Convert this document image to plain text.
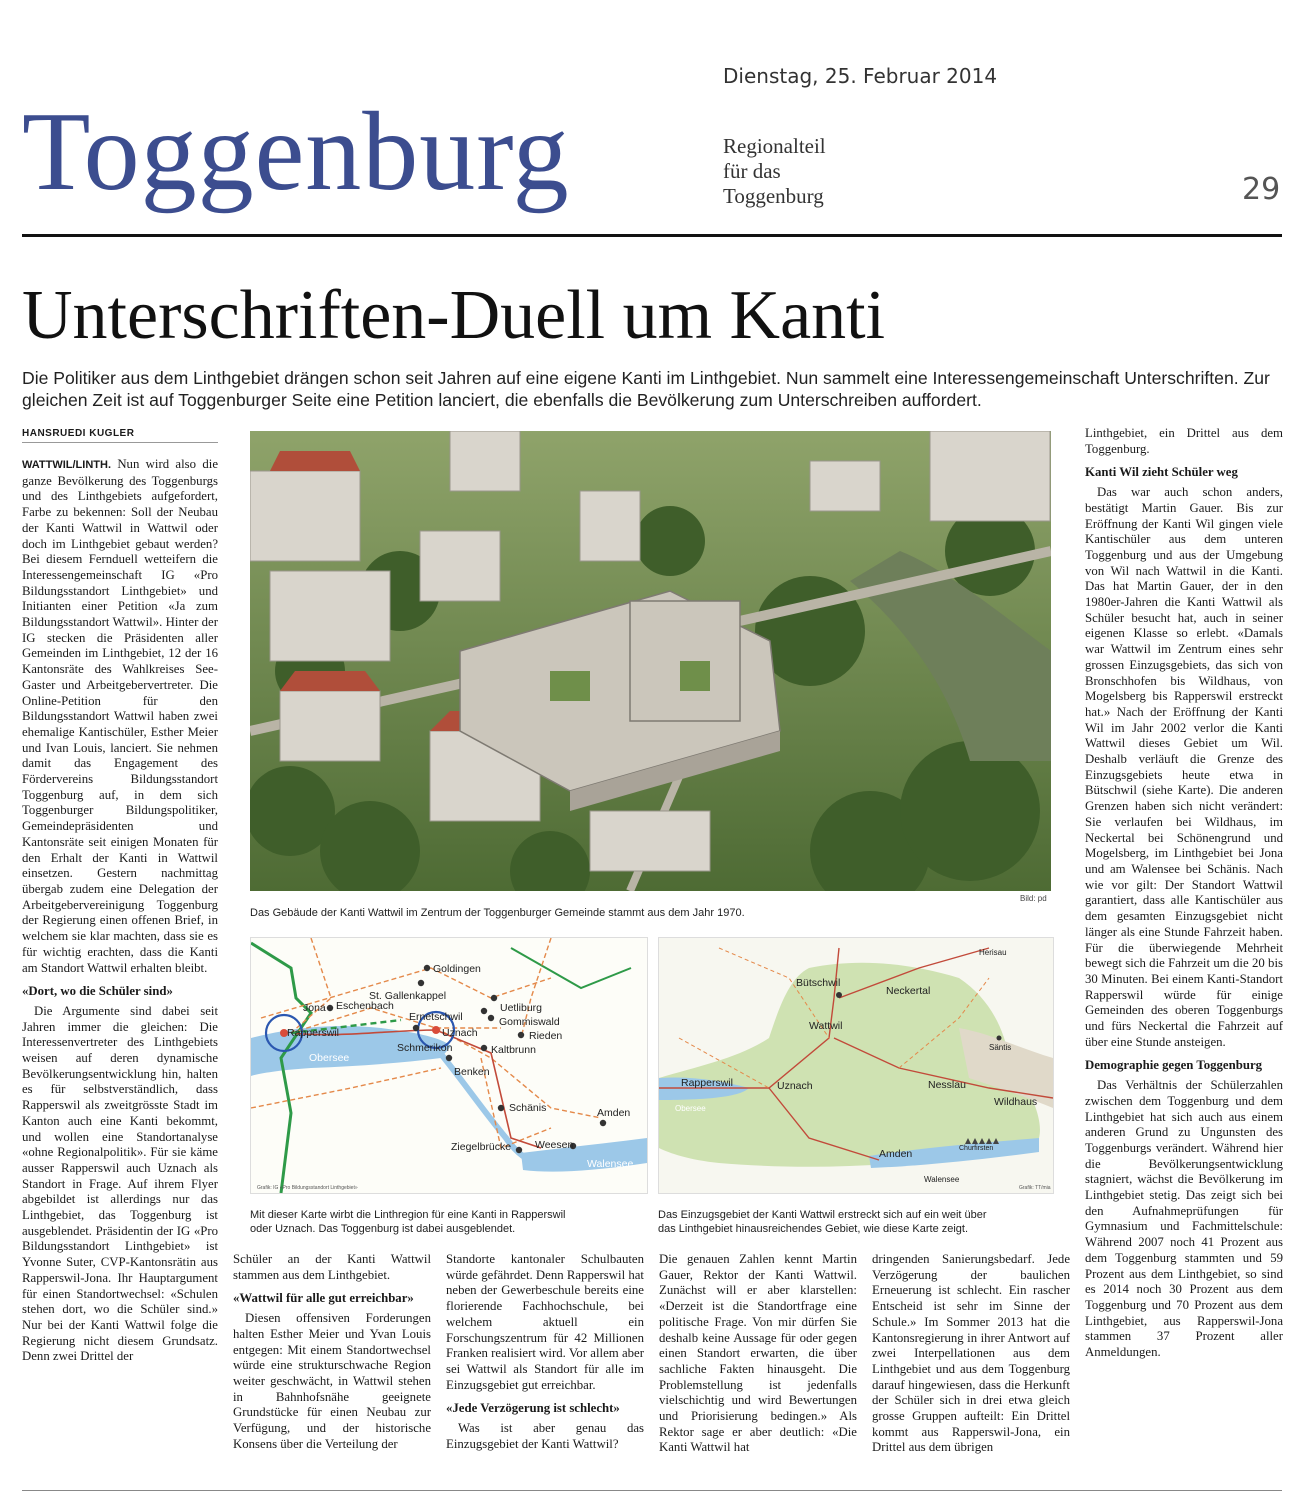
Dienstag, 25. Februar 2014
Toggenburg	Regionalteil
für das
Toggenburg	29
Unterschriften-Duell um Kanti
Die Politiker aus dem Linthgebiet drängen schon seit Jahren auf eine eigene Kanti im Linthgebiet. Nun sammelt eine Interessengemeinschaft Unterschriften. Zur gleichen Zeit ist auf Toggenburger Seite eine Petition lanciert, die ebenfalls die Bevölkerung zum Unterschreiben auffordert.
HANSRUEDI KUGLER

WATTWIL/LINTH. Nun wird also die ganze Bevölkerung des Toggenburgs und des Linthgebiets aufgefordert, Farbe zu bekennen: Soll der Neubau der Kanti Wattwil in Wattwil oder doch im Linthgebiet gebaut werden? Bei diesem Fernduell wetteifern die Interessengemeinschaft IG «Pro Bildungsstandort Linthgebiet» und Initianten einer Petition «Ja zum Bildungsstandort Wattwil». Hinter der IG stecken die Präsidenten aller Gemeinden im Linthgebiet, 12 der 16 Kantonsräte des Wahlkreises See-Gaster und Arbeitgebervertreter. Die Online-Petition für den Bildungsstandort Wattwil haben zwei ehemalige Kantischüler, Esther Meier und Ivan Louis, lanciert. Sie nehmen damit das Engagement des Fördervereins Bildungsstandort Toggenburg auf, in dem sich Toggenburger Bildungspolitiker, Gemeindepräsidenten und Kantonsräte seit einigen Monaten für den Erhalt der Kanti in Wattwil einsetzen. Gestern nachmittag übergab zudem eine Delegation der Arbeitgebervereinigung Toggenburg der Regierung einen offenen Brief, in welchem sie klar machten, dass sie es für wichtig erachten, dass die Kanti am Standort Wattwil erhalten bleibt.

«Dort, wo die Schüler sind»

Die Argumente sind dabei seit Jahren immer die gleichen: Die Interessenvertreter des Linthgebiets weisen auf deren dynamische Bevölkerungsentwicklung hin, halten es für selbstverständlich, dass Rapperswil als zweitgrösste Stadt im Kanton auch eine Kanti bekommt, und wollen eine Standortanalyse «ohne Regionalpolitik». Für sie käme ausser Rapperswil auch Uznach als Standort in Frage. Auf ihrem Flyer abgebildet ist allerdings nur das Linthgebiet, das Toggenburg ist ausgeblendet. Präsidentin der IG «Pro Bildungsstandort Linthgebiet» ist Yvonne Suter, CVP-Kantonsrätin aus Rapperswil-Jona. Ihr Hauptargument für einen Standortwechsel: «Schulen stehen dort, wo die Schüler sind.» Nur bei der Kanti Wattwil folge die Regierung nicht diesem Grundsatz. Denn zwei Drittel der

Bild: pd
Das Gebäude der Kanti Wattwil im Zentrum der Toggenburger Gemeinde stammt aus dem Jahr 1970.
Goldingen
St. Gallenkappel
Jona Eschenbach	Uetliburg
Rapperswil
Ernetschwil	Gommiswald
Uznach	Rieden
Schmerikon	Kaltbrunn
Obersee
Benken
Schänis	Amden
Ziegelbrücke Weesen
Walensee
Grafik: IG «Pro Bildungsstandort Linthgebiet»
Mit dieser Karte wirbt die Linthregion für eine Kanti in Rapperswil
oder Uznach. Das Toggenburg ist dabei ausgeblendet.
Herisau
Bütschwil
Neckertal
Wattwil
Säntis
Rapperswil	Uznach	Nesslau
Obersee
Wildhaus
Churfirsten
Amden
Walensee
Grafik: TT/mia
Das Einzugsgebiet der Kanti Wattwil erstreckt sich auf ein weit über
das Linthgebiet hinausreichendes Gebiet, wie diese Karte zeigt.

Schüler an der Kanti Wattwil stammen aus dem Linthgebiet.

«Wattwil für alle gut erreichbar»

Diesen offensiven Forderungen halten Esther Meier und Yvan Louis entgegen: Mit einem Standortwechsel würde eine strukturschwache Region weiter geschwächt, in Wattwil stehen in Bahnhofsnähe geeignete Grundstücke für einen Neubau zur Verfügung, und der historische Konsens über die Verteilung der

Standorte kantonaler Schulbauten würde gefährdet. Denn Rapperswil hat neben der Gewerbeschule bereits eine florierende Fachhochschule, bei welchem aktuell ein Forschungszentrum für 42 Millionen Franken realisiert wird. Vor allem aber sei Wattwil als Standort für alle im Einzugsgebiet gut erreichbar.

«Jede Verzögerung ist schlecht»

Was ist aber genau das Einzugsgebiet der Kanti Wattwil?

Die genauen Zahlen kennt Martin Gauer, Rektor der Kanti Wattwil. Zunächst will er aber klarstellen: «Derzeit ist die Standortfrage eine politische Frage. Von mir dürfen Sie deshalb keine Aussage für oder gegen einen Standort erwarten, die über sachliche Fakten hinausgeht. Die Problemstellung ist jedenfalls vielschichtig und wird Bewertungen und Priorisierung bedingen.» Als Rektor sage er aber deutlich: «Die Kanti Wattwil hat

dringenden Sanierungsbedarf. Jede Verzögerung der baulichen Erneuerung ist schlecht. Ein rascher Entscheid ist sehr im Sinne der Schule.» Im Sommer 2013 hat die Kantonsregierung in ihrer Antwort auf zwei Interpellationen aus dem Linthgebiet und aus dem Toggenburg darauf hingewiesen, dass die Herkunft der Schüler sich in drei etwa gleich grosse Gruppen aufteilt: Ein Drittel kommt aus Rapperswil-Jona, ein Drittel aus dem übrigen

Linthgebiet, ein Drittel aus dem Toggenburg.

Kanti Wil zieht Schüler weg

Das war auch schon anders, bestätigt Martin Gauer. Bis zur Eröffnung der Kanti Wil gingen viele Kantischüler aus dem unteren Toggenburg und aus der Umgebung von Wil nach Wattwil in die Kanti. Das hat Martin Gauer, der in den 1980er-Jahren die Kanti Wattwil als Schüler besucht hat, auch in seiner eigenen Klasse so erlebt. «Damals war Wattwil im Zentrum eines sehr grossen Einzugsgebiets, das sich von Bronschhofen bis Wildhaus, von Mogelsberg bis Rapperswil erstreckt hat.» Nach der Eröffnung der Kanti Wil im Jahr 2002 verlor die Kanti Wattwil dieses Gebiet um Wil. Deshalb verläuft die Grenze des Einzugsgebiets heute etwa in Bütschwil (siehe Karte). Die anderen Grenzen haben sich nicht verändert: Sie verlaufen bei Wildhaus, im Neckertal bei Schönengrund und Mogelsberg, im Linthgebiet bei Jona und am Walensee bei Schänis. Nach wie vor gilt: Der Standort Wattwil garantiert, dass alle Kantischüler aus dem gesamten Einzugsgebiet nicht länger als eine Stunde Fahrzeit haben. Für die überwiegende Mehrheit bewegt sich die Fahrzeit um die 20 bis 30 Minuten. Bei einem Kanti-Standort Rapperswil würde für einige Gemeinden des oberen Toggenburgs und fürs Neckertal die Fahrzeit auf über eine Stunde ansteigen.

Demographie gegen Toggenburg

Das Verhältnis der Schülerzahlen zwischen dem Toggenburg und dem Linthgebiet hat sich auch aus einem anderen Grund zu Ungunsten des Toggenburgs verändert. Während hier die Bevölkerungsentwicklung stagniert, wächst die Bevölkerung im Linthgebiet stetig. Das zeigt sich bei den Aufnahmeprüfungen für Gymnasium und Fachmittelschule: Während 2007 noch 41 Prozent aus dem Toggenburg stammten und 59 Prozent aus dem Linthgebiet, so sind es 2014 noch 30 Prozent aus dem Toggenburg und 70 Prozent aus dem Linthgebiet, aus Rapperswil-Jona stammen 37 Prozent aller Anmeldungen.
